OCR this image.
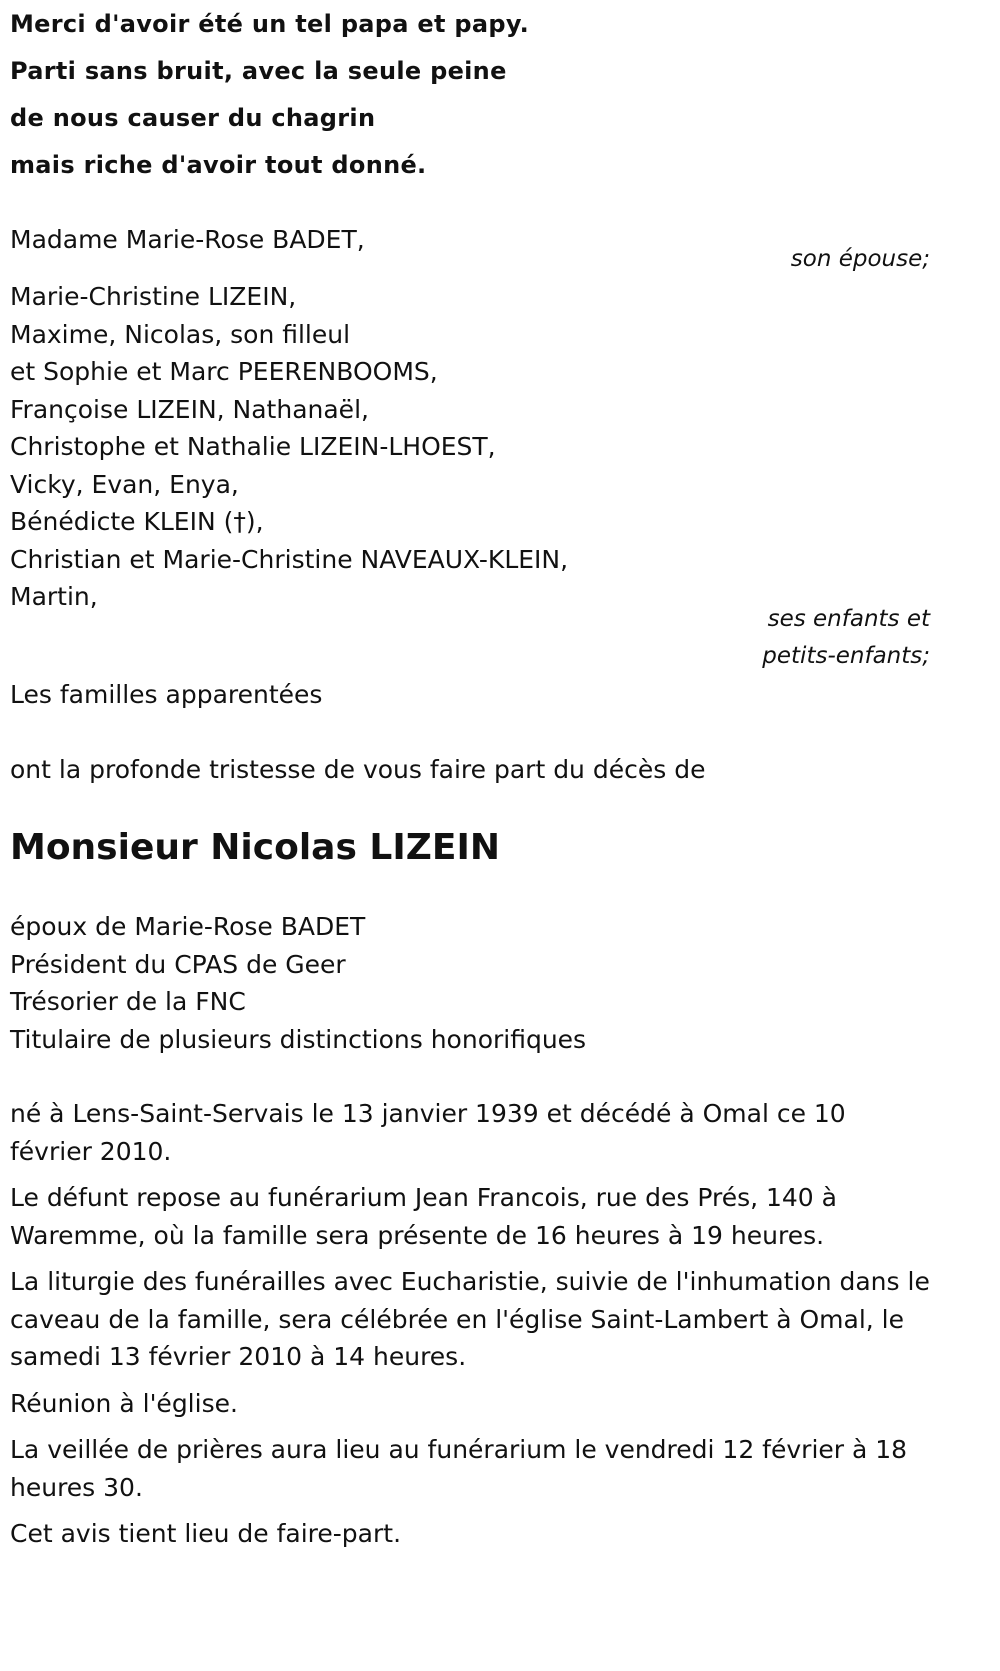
Merci d'avoir été un tel papa et papy.
Parti sans bruit, avec la seule peine
de nous causer du chagrin
mais riche d'avoir tout donné.
Madame Marie-Rose BADET,
son épouse;
Marie-Christine LIZEIN,
Maxime, Nicolas, son filleul
et Sophie et Marc PEERENBOOMS,
Françoise LIZEIN, Nathanaël,
Christophe et Nathalie LIZEIN-LHOEST,
Vicky, Evan, Enya,
Bénédicte KLEIN (†),
Christian et Marie-Christine NAVEAUX-KLEIN,
Martin,
ses enfants et
petits-enfants;
Les familles apparentées
ont la profonde tristesse de vous faire part du décès de
Monsieur Nicolas LIZEIN
époux de Marie-Rose BADET
Président du CPAS de Geer
Trésorier de la FNC
Titulaire de plusieurs distinctions honorifiques

né à Lens-Saint-Servais le 13 janvier 1939 et décédé à Omal ce 10 février 2010.

Le défunt repose au funérarium Jean Francois, rue des Prés, 140 à Waremme, où la famille sera présente de 16 heures à 19 heures.

La liturgie des funérailles avec Eucharistie, suivie de l'inhumation dans le caveau de la famille, sera célébrée en l'église Saint-Lambert à Omal, le samedi 13 février 2010 à 14 heures.

Réunion à l'église.

La veillée de prières aura lieu au funérarium le vendredi 12 février à 18 heures 30.

Cet avis tient lieu de faire-part.
